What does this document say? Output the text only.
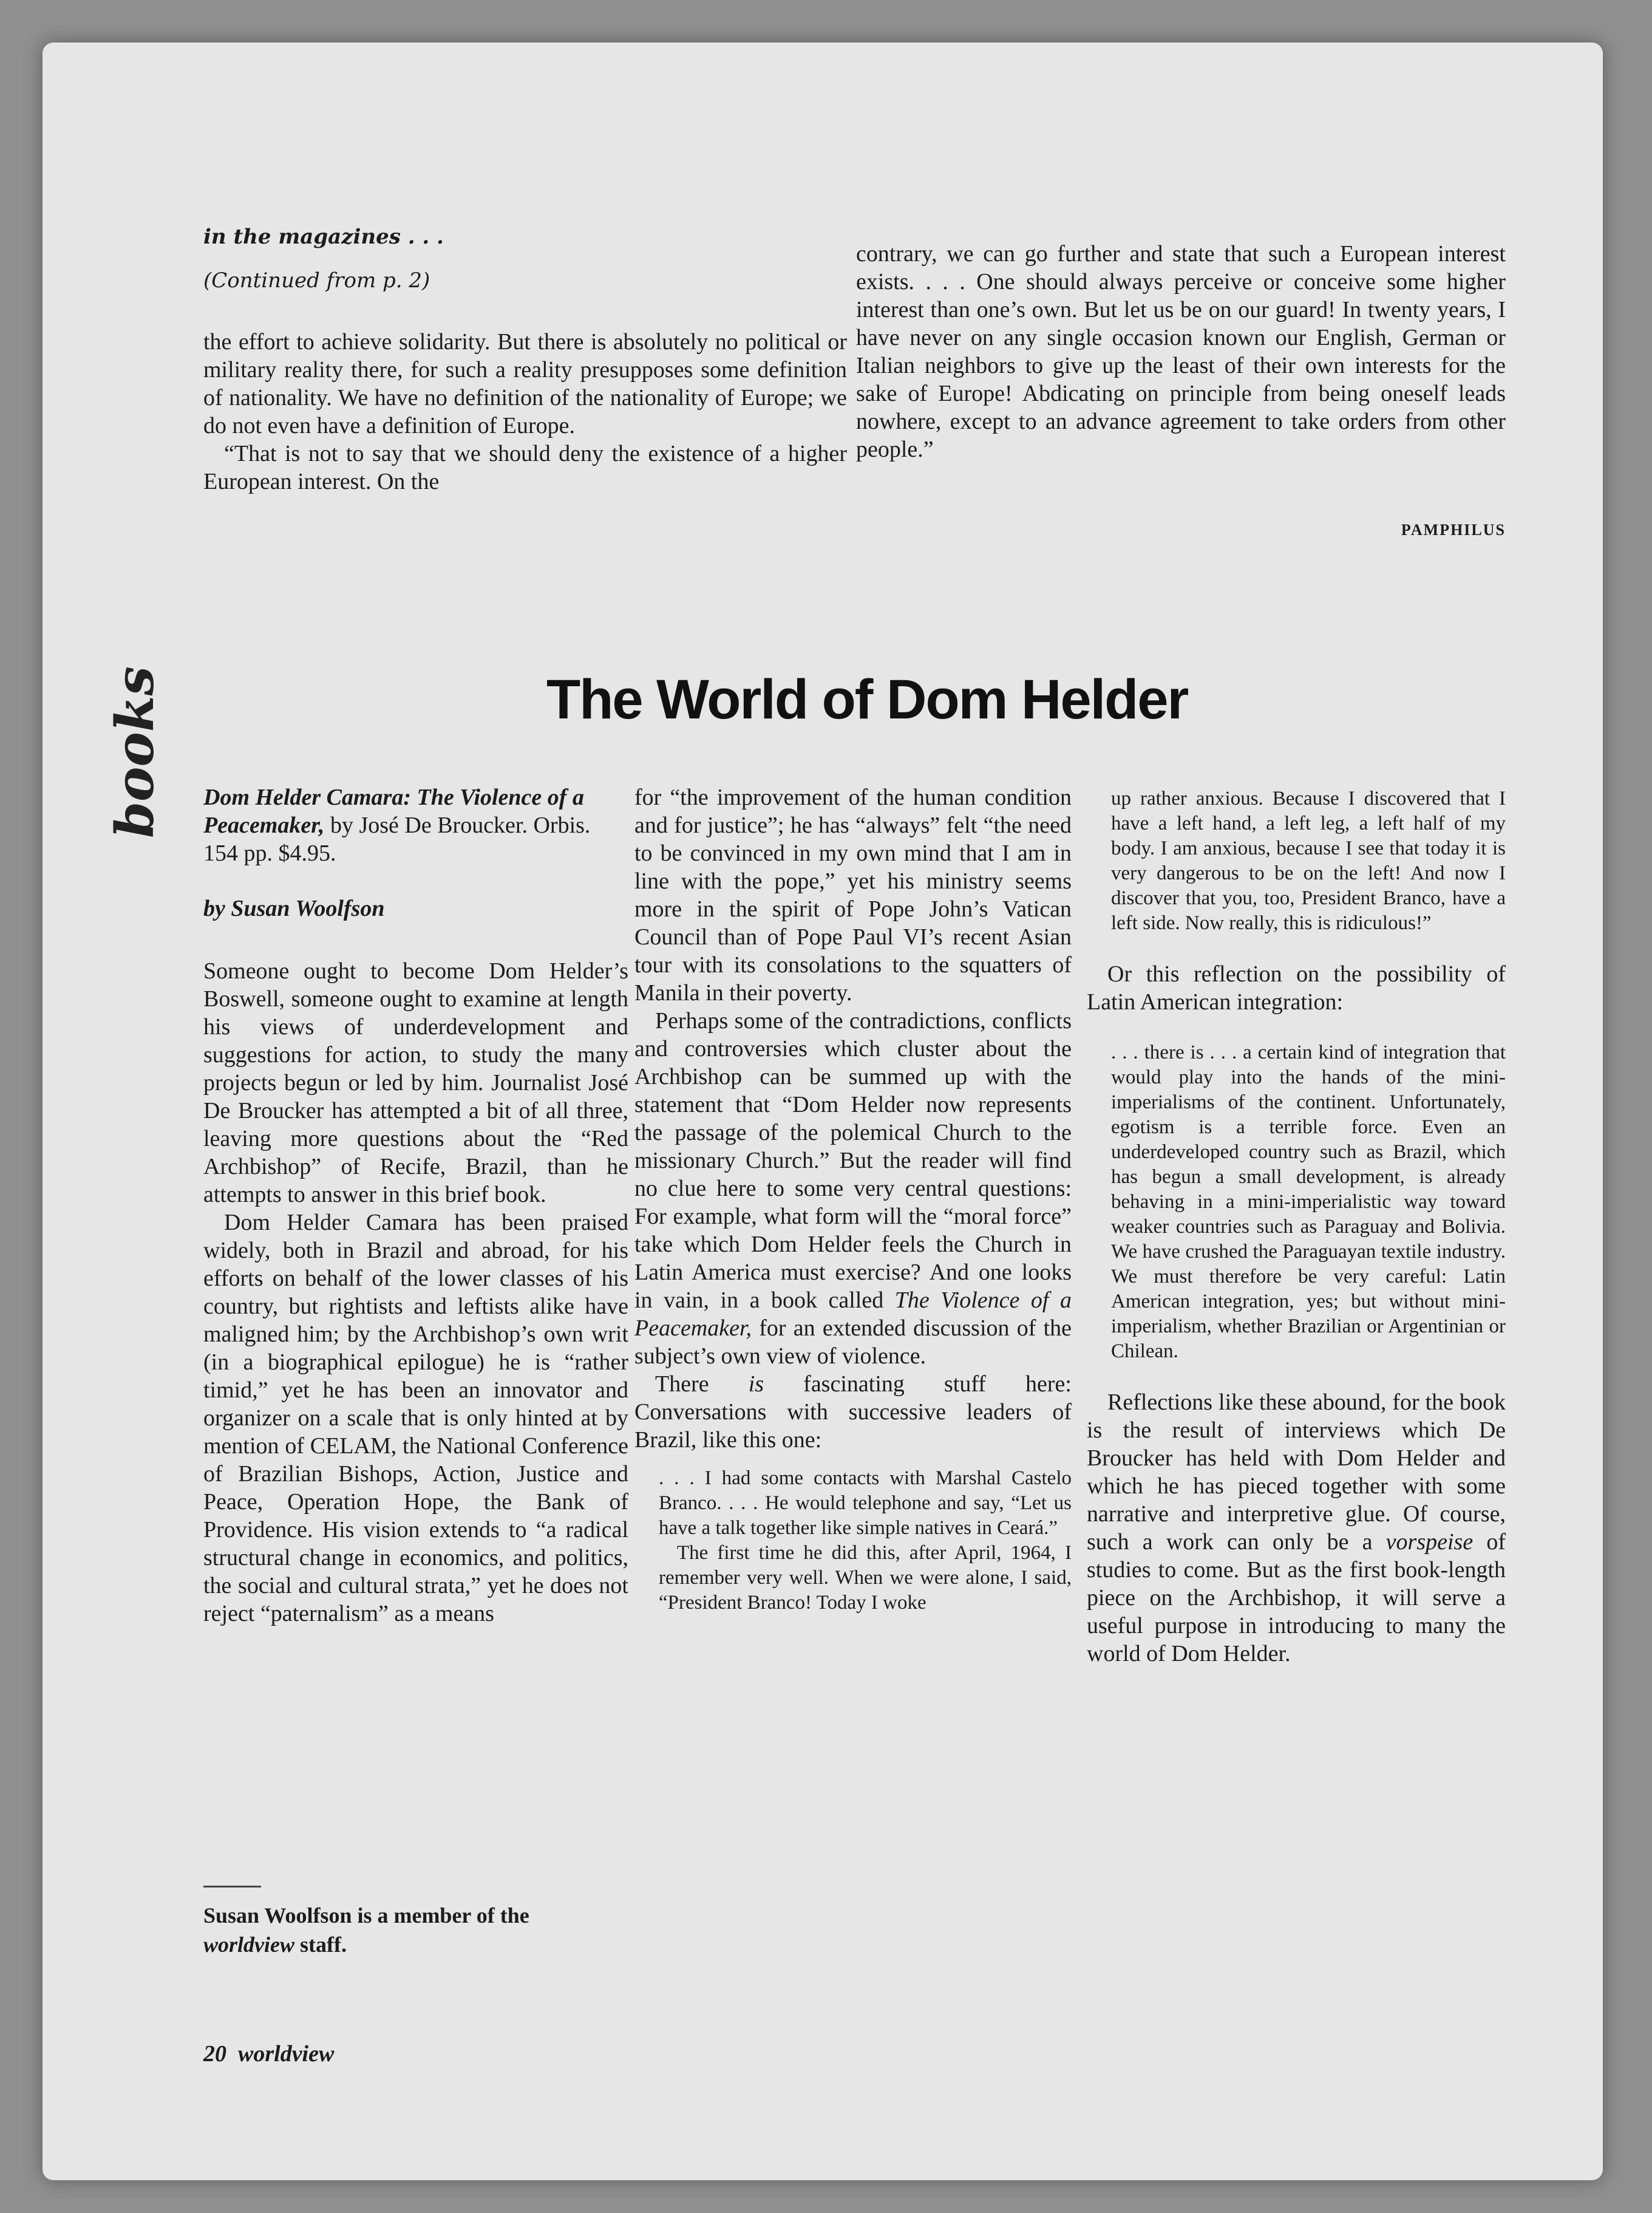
in the magazines . . .
(Continued from p. 2)

the effort to achieve solidarity. But there is absolutely no political or military reality there, for such a reality presupposes some definition of nationality. We have no definition of the nationality of Europe; we do not even have a definition of Europe.

“That is not to say that we should deny the existence of a higher European interest. On the

contrary, we can go further and state that such a European interest exists. . . . One should always perceive or conceive some higher interest than one’s own. But let us be on our guard! In twenty years, I have never on any single occasion known our English, German or Italian neighbors to give up the least of their own interests for the sake of Europe! Abdicating on principle from being oneself leads nowhere, except to an advance agreement to take orders from other people.”

PAMPHILUS
books	The World of Dom Helder
Dom Helder Camara: The Violence of a Peacemaker, by José De Broucker. Orbis. 154 pp. $4.95.
by Susan Woolfson

Someone ought to become Dom Helder’s Boswell, someone ought to examine at length his views of underdevelopment and suggestions for action, to study the many projects begun or led by him. Journalist José De Broucker has attempted a bit of all three, leaving more questions about the “Red Archbishop” of Recife, Brazil, than he attempts to answer in this brief book.

Dom Helder Camara has been praised widely, both in Brazil and abroad, for his efforts on behalf of the lower classes of his country, but rightists and leftists alike have maligned him; by the Archbishop’s own writ (in a biographical epilogue) he is “rather timid,” yet he has been an innovator and organizer on a scale that is only hinted at by mention of CELAM, the National Conference of Brazilian Bishops, Action, Justice and Peace, Operation Hope, the Bank of Providence. His vision extends to “a radical structural change in economics, and politics, the social and cultural strata,” yet he does not reject “paternalism” as a means

Susan Woolfson is a member of the worldview staff.

for “the improvement of the human condition and for justice”; he has “always” felt “the need to be convinced in my own mind that I am in line with the pope,” yet his ministry seems more in the spirit of Pope John’s Vatican Council than of Pope Paul VI’s recent Asian tour with its consolations to the squatters of Manila in their poverty.

Perhaps some of the contradictions, conflicts and controversies which cluster about the Archbishop can be summed up with the statement that “Dom Helder now represents the passage of the polemical Church to the missionary Church.” But the reader will find no clue here to some very central questions: For example, what form will the “moral force” take which Dom Helder feels the Church in Latin America must exercise? And one looks in vain, in a book called The Violence of a Peacemaker, for an extended discussion of the subject’s own view of violence.

There is fascinating stuff here: Conversations with successive leaders of Brazil, like this one:

. . . I had some contacts with Marshal Castelo Branco. . . . He would telephone and say, “Let us have a talk together like simple natives in Ceará.”

The first time he did this, after April, 1964, I remember very well. When we were alone, I said, “President Branco! Today I woke

up rather anxious. Because I discovered that I have a left hand, a left leg, a left half of my body. I am anxious, because I see that today it is very dangerous to be on the left! And now I discover that you, too, President Branco, have a left side. Now really, this is ridiculous!”

Or this reflection on the possibility of Latin American integration:

. . . there is . . . a certain kind of integration that would play into the hands of the mini-imperialisms of the continent. Unfortunately, egotism is a terrible force. Even an underdeveloped country such as Brazil, which has begun a small development, is already behaving in a mini-imperialistic way toward weaker countries such as Paraguay and Bolivia. We have crushed the Paraguayan textile industry. We must therefore be very careful: Latin American integration, yes; but without mini-imperialism, whether Brazilian or Argentinian or Chilean.

Reflections like these abound, for the book is the result of interviews which De Broucker has held with Dom Helder and which he has pieced together with some narrative and interpretive glue. Of course, such a work can only be a vorspeise of studies to come. But as the first book-length piece on the Archbishop, it will serve a useful purpose in introducing to many the world of Dom Helder.

20 worldview
